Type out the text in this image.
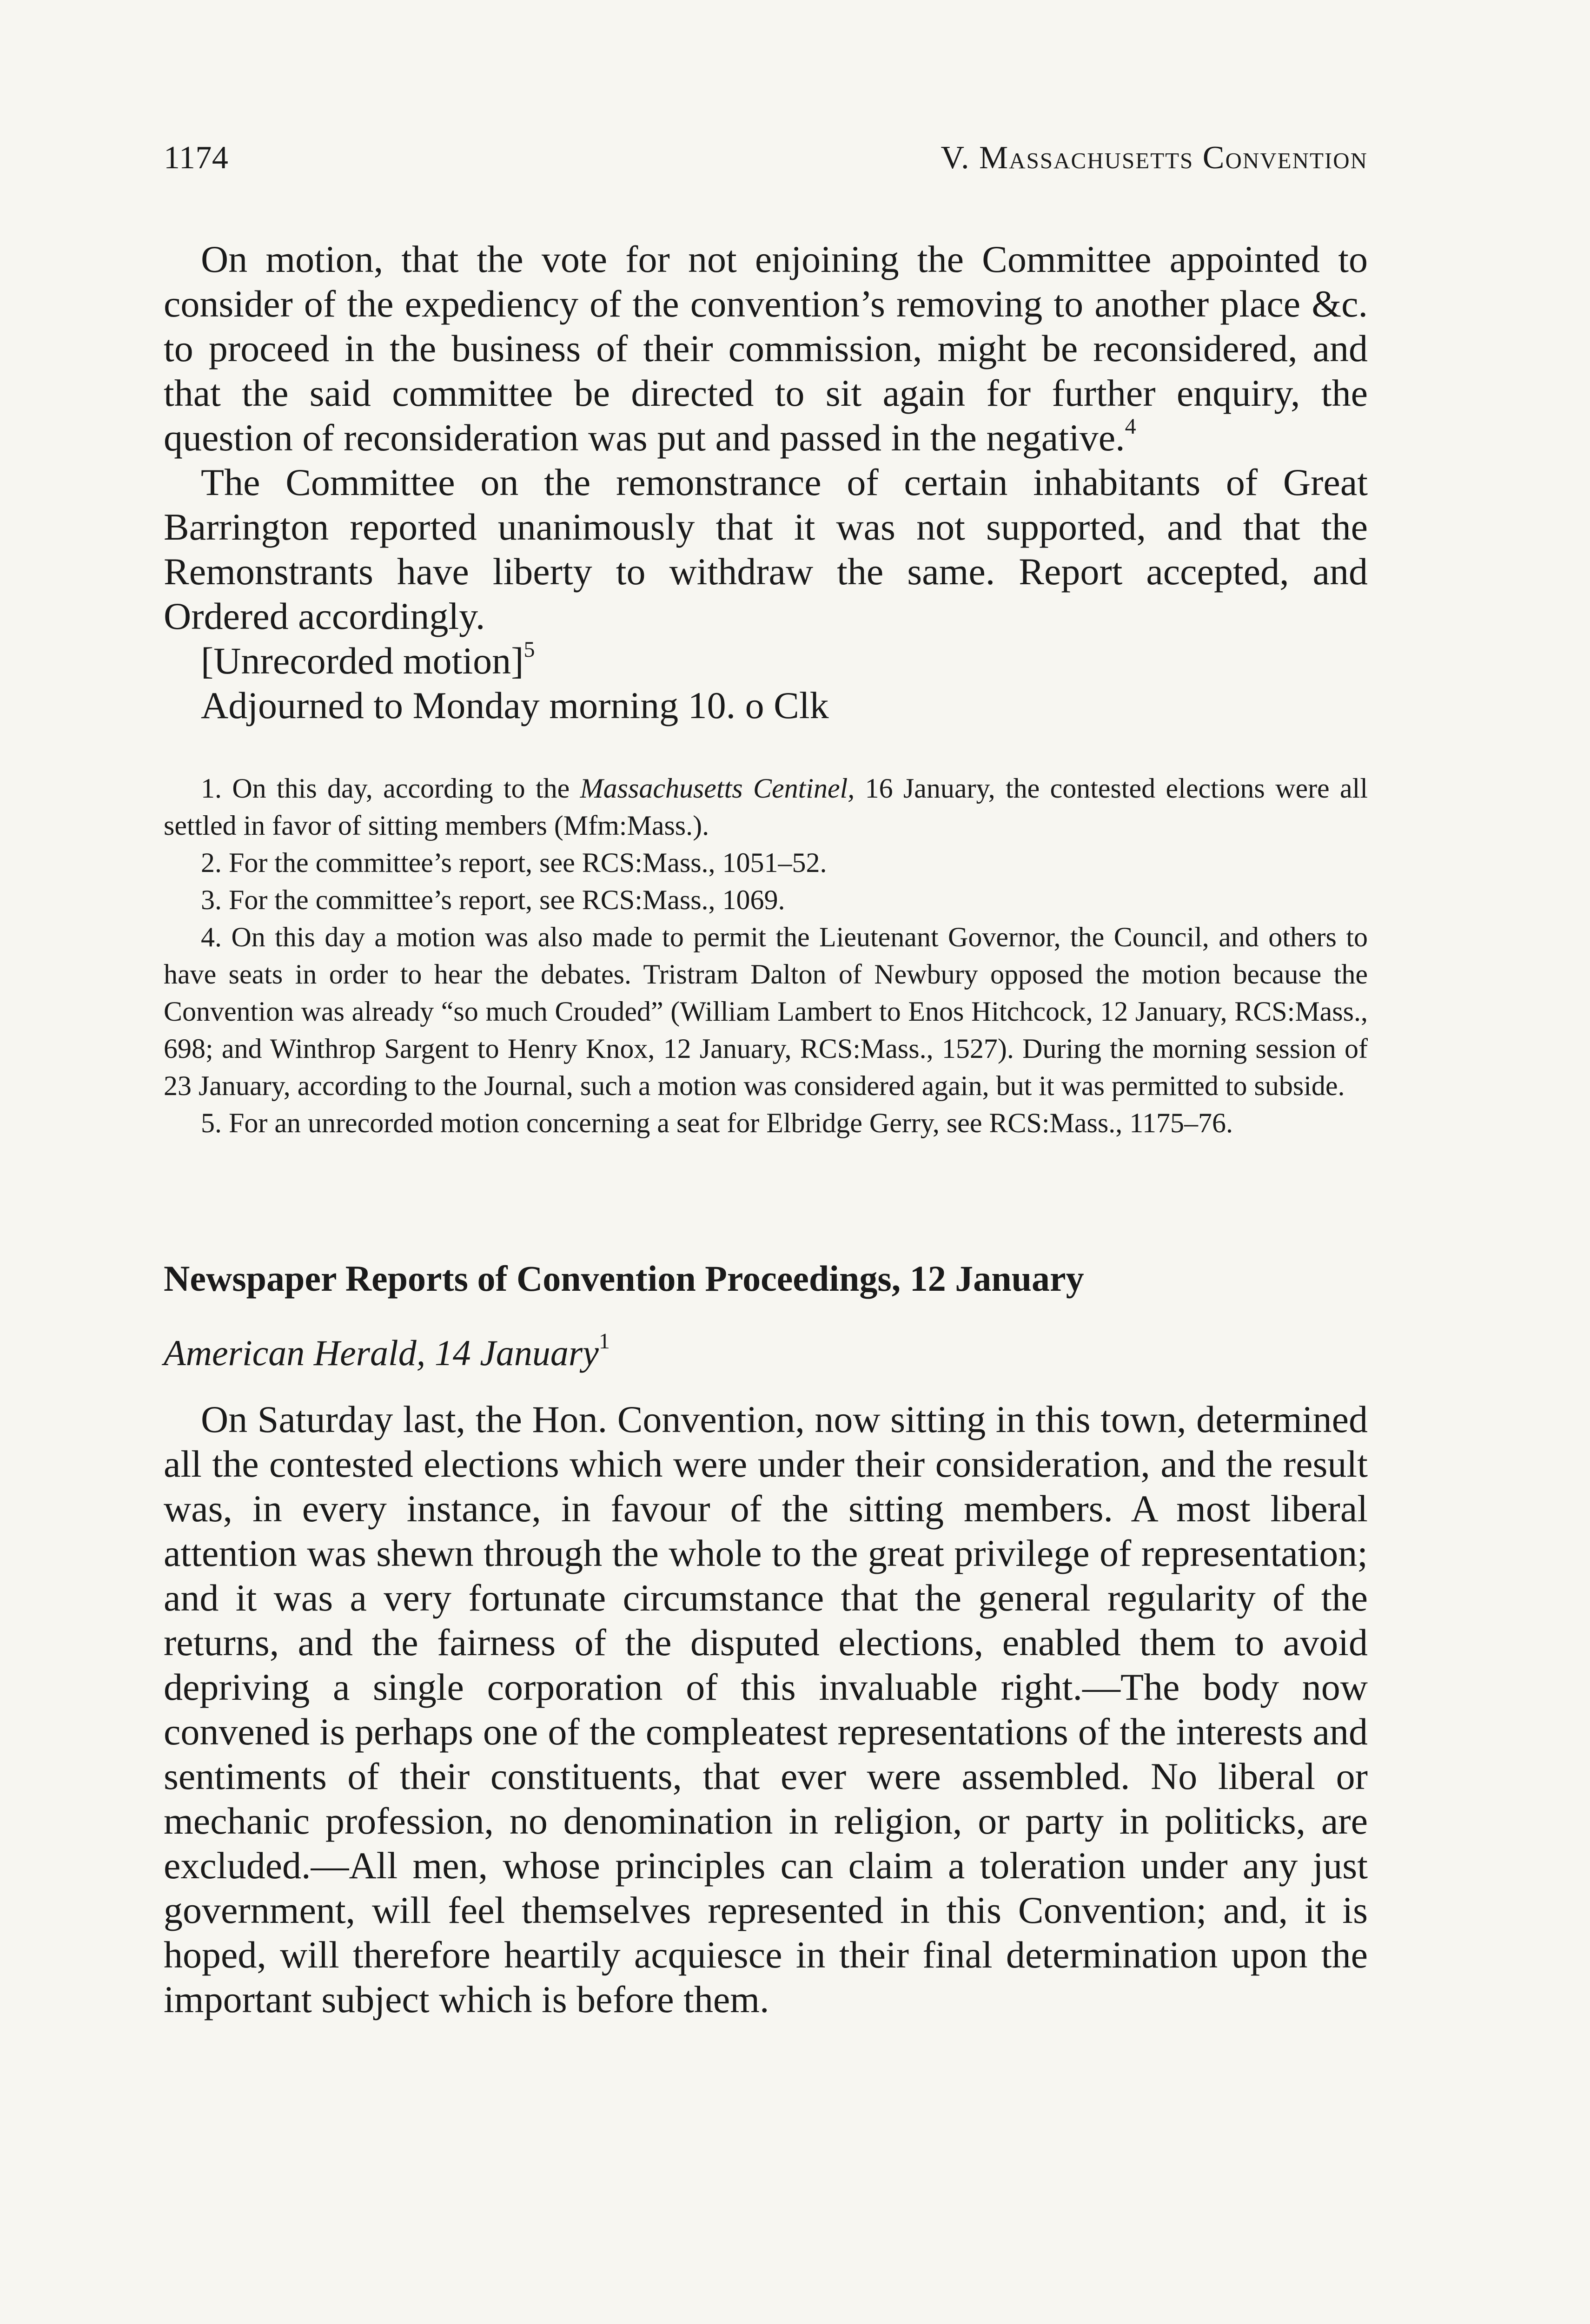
1174	V. Massachusetts Convention

On motion, that the vote for not enjoining the Committee appointed to consider of the expediency of the convention’s removing to another place &c. to proceed in the business of their commission, might be reconsidered, and that the said committee be directed to sit again for further enquiry, the question of reconsideration was put and passed in the negative.$^4$

The Committee on the remonstrance of certain inhabitants of Great Barrington reported unanimously that it was not supported, and that the Remonstrants have liberty to withdraw the same. Report accepted, and Ordered accordingly.

[Unrecorded motion]$^5$

Adjourned to Monday morning 10. o Clk

1. On this day, according to the Massachusetts Centinel, 16 January, the contested elections were all settled in favor of sitting members (Mfm:Mass.).

2. For the committee’s report, see RCS:Mass., 1051–52.

3. For the committee’s report, see RCS:Mass., 1069.

4. On this day a motion was also made to permit the Lieutenant Governor, the Council, and others to have seats in order to hear the debates. Tristram Dalton of Newbury opposed the motion because the Convention was already “so much Crouded” (William Lambert to Enos Hitchcock, 12 January, RCS:Mass., 698; and Winthrop Sargent to Henry Knox, 12 January, RCS:Mass., 1527). During the morning session of 23 January, according to the Journal, such a motion was considered again, but it was permitted to subside.

5. For an unrecorded motion concerning a seat for Elbridge Gerry, see RCS:Mass., 1175–76.

Newspaper Reports of Convention Proceedings, 12 January
American Herald, 14 January$^1$

On Saturday last, the Hon. Convention, now sitting in this town, determined all the contested elections which were under their consideration, and the result was, in every instance, in favour of the sitting members. A most liberal attention was shewn through the whole to the great privilege of representation; and it was a very fortunate circumstance that the general regularity of the returns, and the fairness of the disputed elections, enabled them to avoid depriving a single corporation of this invaluable right.—The body now convened is perhaps one of the compleatest representations of the interests and sentiments of their constituents, that ever were assembled. No liberal or mechanic profession, no denomination in religion, or party in politicks, are excluded.—All men, whose principles can claim a toleration under any just government, will feel themselves represented in this Convention; and, it is hoped, will therefore heartily acquiesce in their final determination upon the important subject which is before them.
